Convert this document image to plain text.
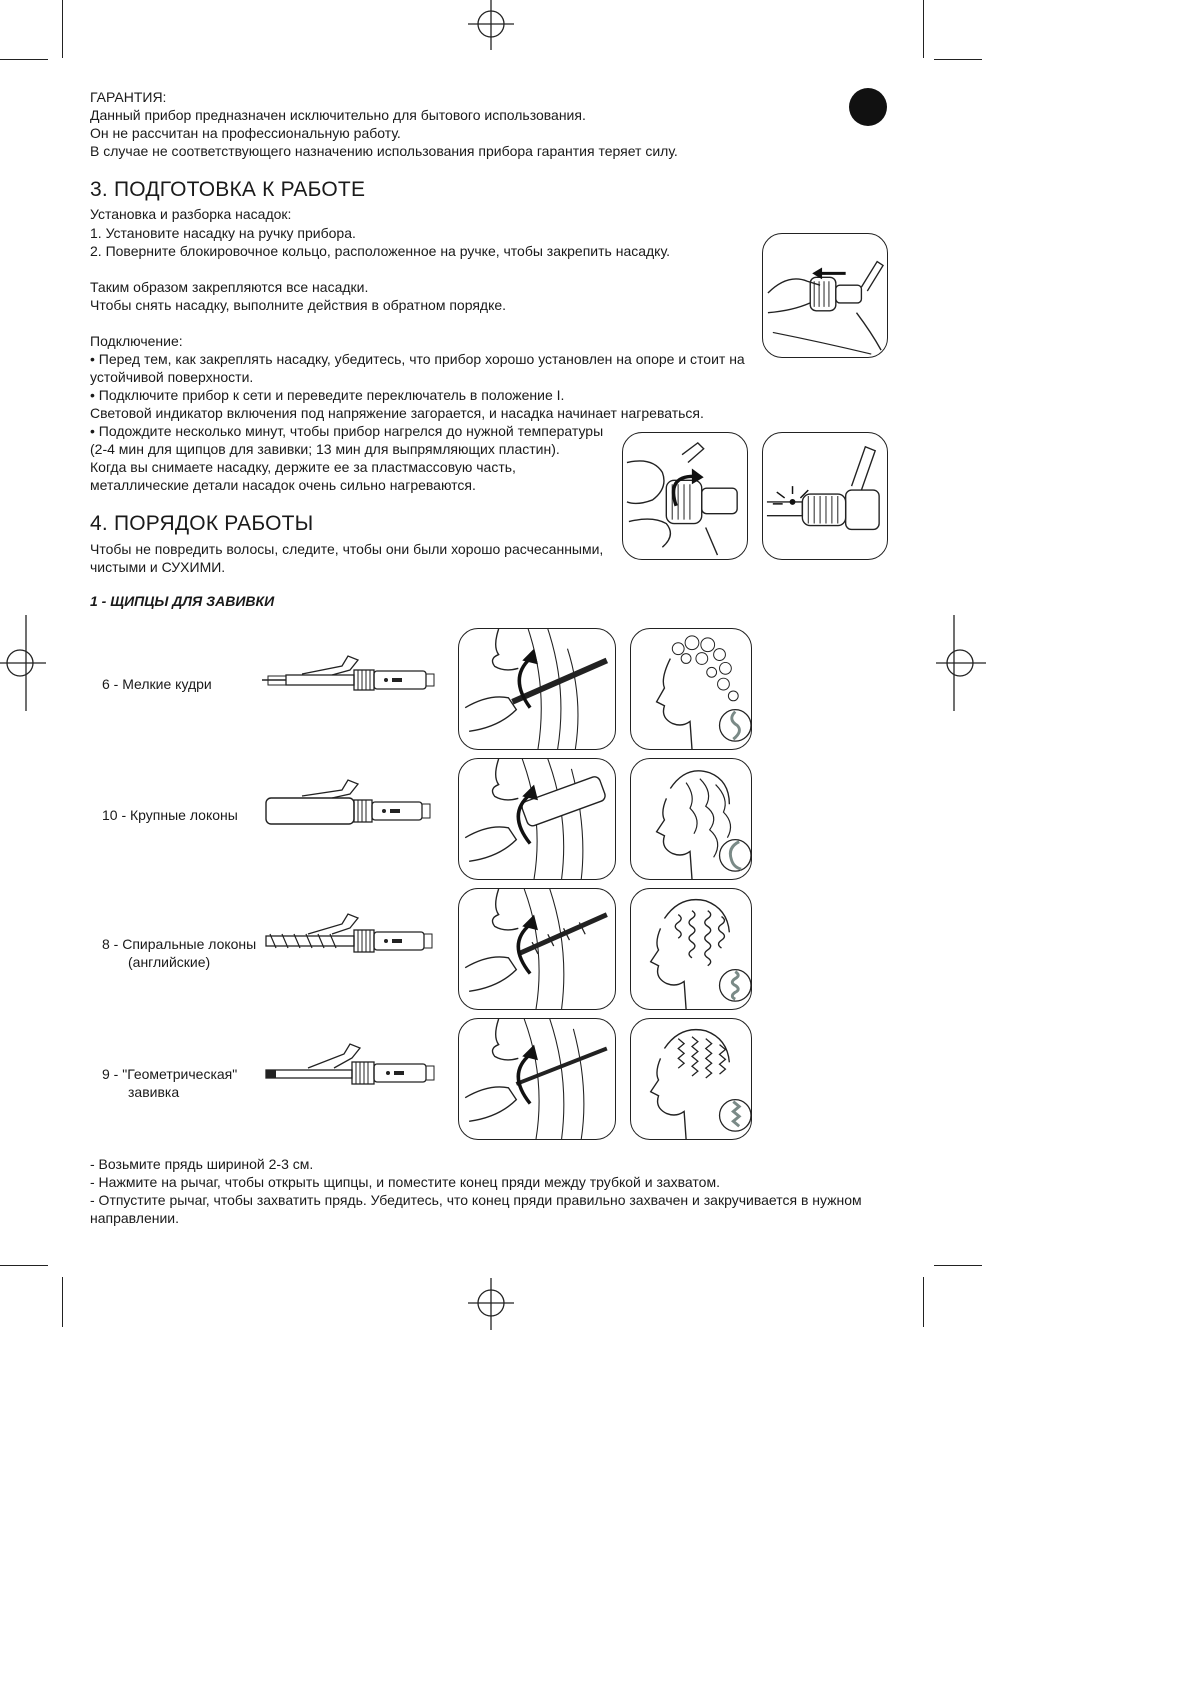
ГАРАНТИЯ:
Данный прибор предназначен исключительно для бытового использования.
Он не рассчитан на профессиональную работу.
В случае не соответствующего назначению использования прибора гарантия теряет силу.
3. ПОДГОТОВКА К РАБОТЕ
Установка и разборка насадок:
1. Установите насадку на ручку прибора.
2. Поверните блокировочное кольцо, расположенное на ручке, чтобы закрепить насадку.
Таким образом закрепляются все насадки.
Чтобы снять насадку, выполните действия в обратном порядке.
Подключение:
• Перед тем, как закреплять насадку, убедитесь, что прибор хорошо установлен на опоре и стоит на
устойчивой поверхности.
• Подключите прибор к сети и переведите переключатель в положение I.
Световой индикатор включения под напряжение загорается, и насадка начинает нагреваться.
• Подождите несколько минут, чтобы прибор нагрелся до нужной температуры
(2-4 мин для щипцов для завивки; 13 мин для выпрямляющих пластин).
Когда вы снимаете насадку, держите ее за пластмассовую часть,
металлические детали насадок очень сильно нагреваются.
4. ПОРЯДОК РАБОТЫ
Чтобы не повредить волосы, следите, чтобы они были хорошо расчесанными,
чистыми и СУХИМИ.
1 - ЩИПЦЫ ДЛЯ ЗАВИВКИ
6 - Мелкие кудри
10 - Крупные локоны
8 - Спиральные локоны
(английские)
9 - "Геометрическая"
завивка
- Возьмите прядь шириной 2-3 см.
- Нажмите на рычаг, чтобы открыть щипцы, и поместите конец пряди между трубкой и захватом.
- Отпустите рычаг, чтобы захватить прядь. Убедитесь, что конец пряди правильно захвачен и закручивается в нужном
направлении.
